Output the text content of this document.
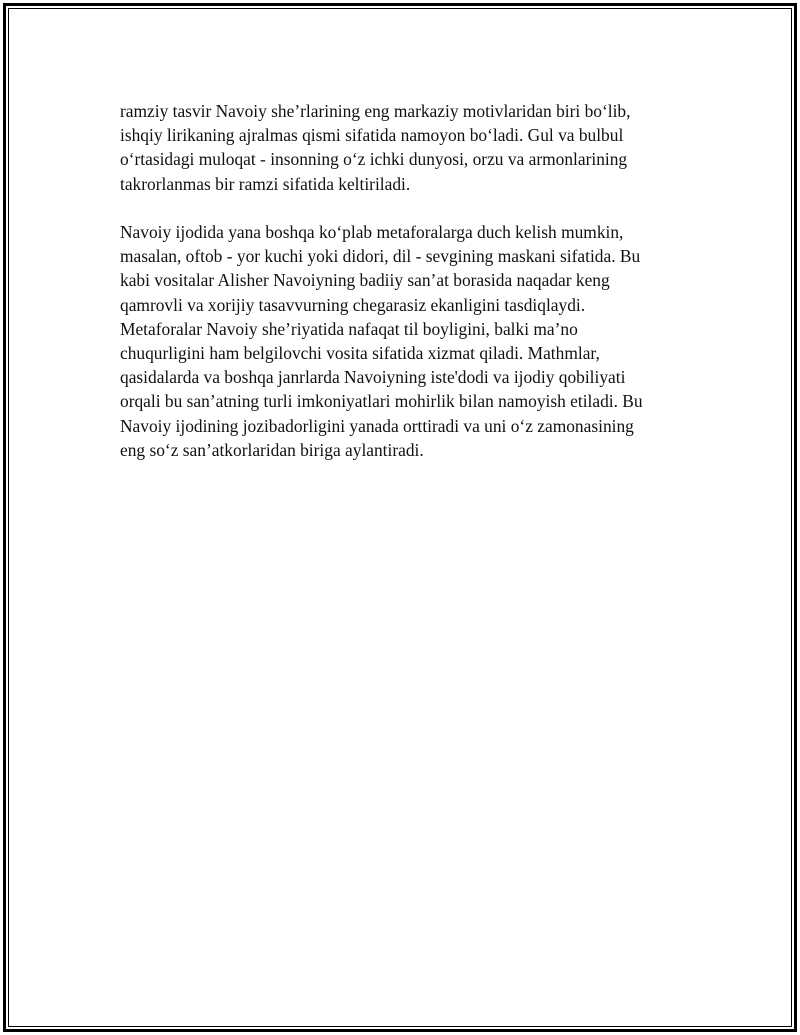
ramziy tasvir Navoiy she’rlarining eng markaziy motivlaridan biri bo‘lib,
ishqiy lirikaning ajralmas qismi sifatida namoyon bo‘ladi. Gul va bulbul
o‘rtasidagi muloqat - insonning o‘z ichki dunyosi, orzu va armonlarining
takrorlanmas bir ramzi sifatida keltiriladi.
Navoiy ijodida yana boshqa ko‘plab metaforalarga duch kelish mumkin,
masalan, oftob - yor kuchi yoki didori, dil - sevgining maskani sifatida. Bu
kabi vositalar Alisher Navoiyning badiiy san’at borasida naqadar keng
qamrovli va xorijiy tasavvurning chegarasiz ekanligini tasdiqlaydi.
Metaforalar Navoiy she’riyatida nafaqat til boyligini, balki ma’no
chuqurligini ham belgilovchi vosita sifatida xizmat qiladi. Mathmlar,
qasidalarda va boshqa janrlarda Navoiyning iste'dodi va ijodiy qobiliyati
orqali bu san’atning turli imkoniyatlari mohirlik bilan namoyish etiladi. Bu
Navoiy ijodining jozibadorligini yanada orttiradi va uni o‘z zamonasining
eng so‘z san’atkorlaridan biriga aylantiradi.
